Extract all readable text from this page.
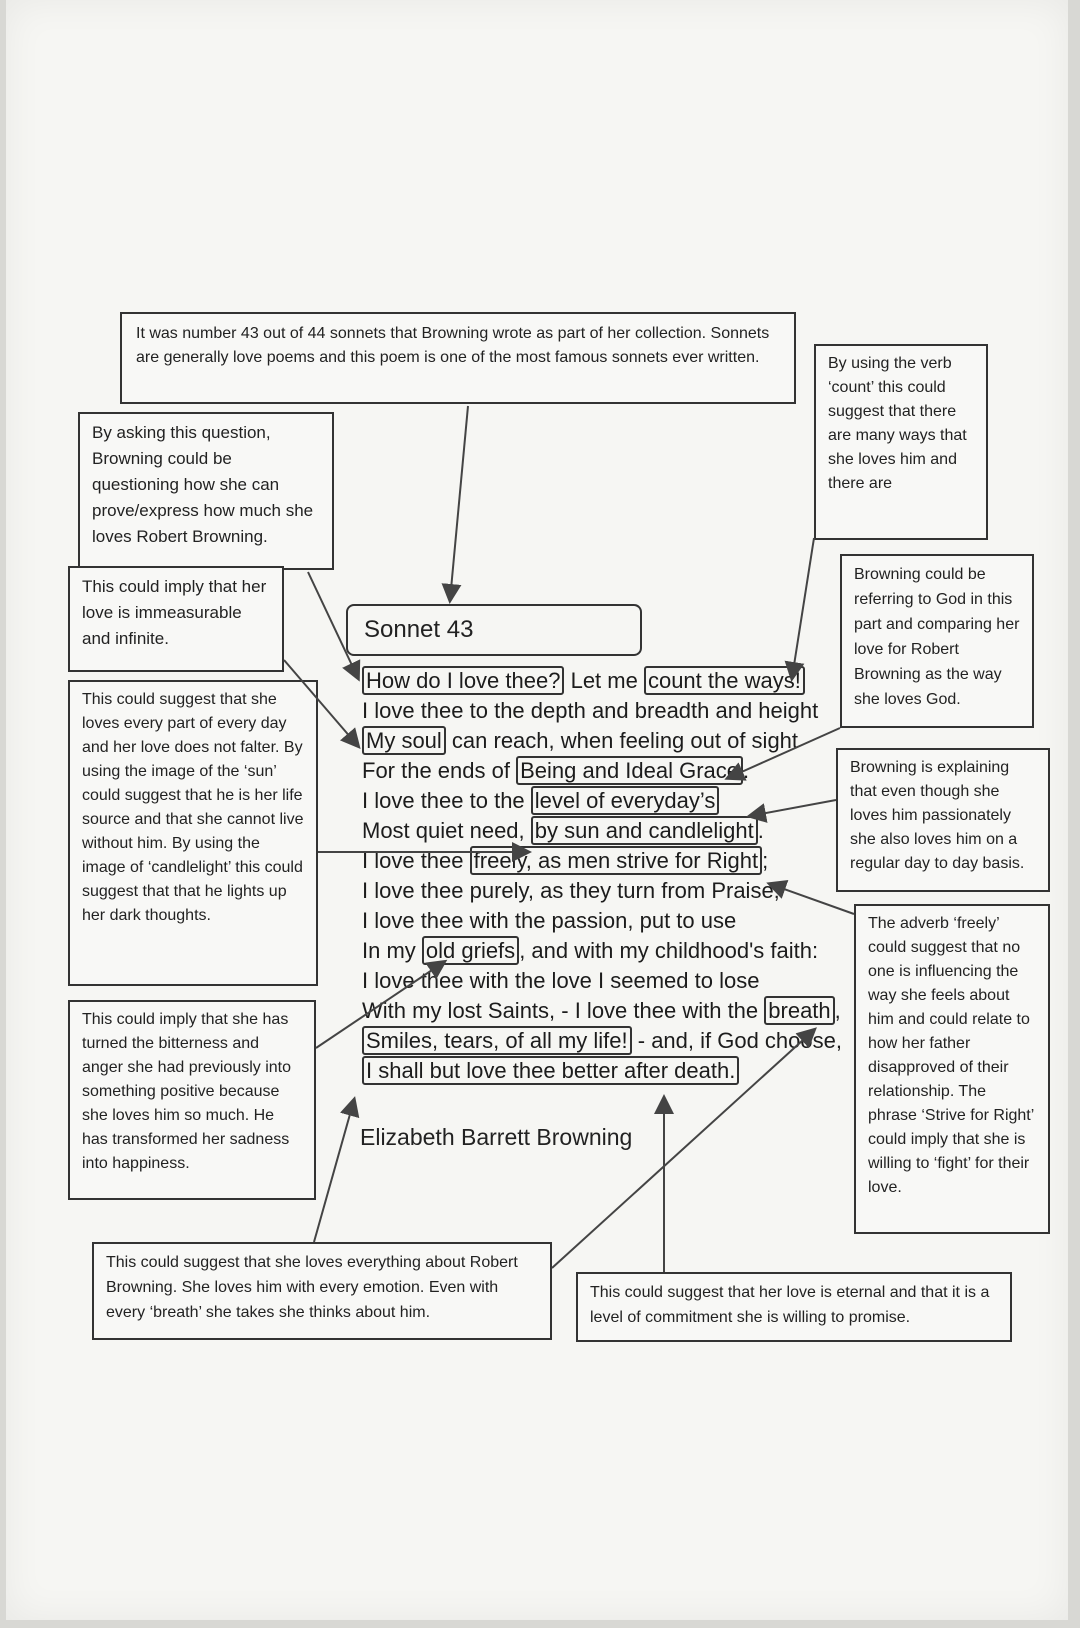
It was number 43 out of 44 sonnets that Browning wrote as part of her collection. Sonnets are generally love poems and this poem is one of the most famous sonnets ever written.	By using the verb ‘count’ this could suggest that there are many ways that she loves him and there are
By asking this question, Browning could be questioning how she can prove/express how much she loves Robert Browning.
This could imply that her love is immeasurable and infinite.
Browning could be referring to God in this part and comparing her love for Robert Browning as the way she loves God.
This could suggest that she loves every part of every day and her love does not falter. By using the image of the ‘sun’ could suggest that he is her life source and that she cannot live without him. By using the image of ‘candlelight’ this could suggest that that he lights up her dark thoughts.
Browning is explaining that even though she loves him passionately she also loves him on a regular day to day basis.
The adverb ‘freely’ could suggest that no one is influencing the way she feels about him and could relate to how her father disapproved of their relationship. The phrase ‘Strive for Right’ could imply that she is willing to ‘fight’ for their love.
This could imply that she has turned the bitterness and anger she had previously into something positive because she loves him so much. He has transformed her sadness into happiness.
This could suggest that she loves everything about Robert Browning. She loves him with every emotion. Even with every ‘breath’ she takes she thinks about him.
This could suggest that her love is eternal and that it is a level of commitment she is willing to promise.
Sonnet 43
How do I love thee? Let me count the ways!
I love thee to the depth and breadth and height
My soul can reach, when feeling out of sight
For the ends of Being and Ideal Grace .
I love thee to the level of everyday’s
Most quiet need, by sun and candlelight .
I love thee freely, as men strive for Right ;
I love thee purely, as they turn from Praise;
I love thee with the passion, put to use
In my old griefs , and with my childhood's faith:
I love thee with the love I seemed to lose
With my lost Saints, - I love thee with the breath ,
Smiles, tears, of all my life! - and, if God choose,
I shall but love thee better after death.
Elizabeth Barrett Browning
